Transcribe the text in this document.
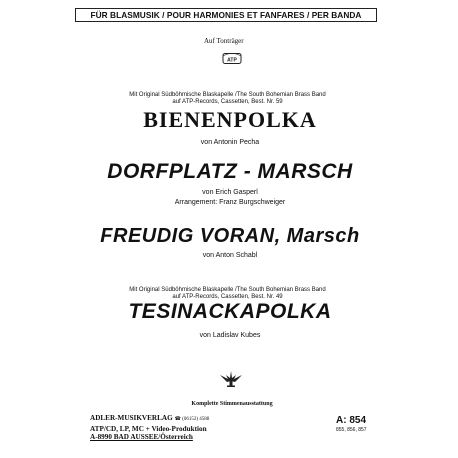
FÜR BLASMUSIK / POUR HARMONIES ET FANFARES / PER BANDA
Auf Tonträger
ATP
Mit Original Südböhmische Blaskapelle /The South Bohemian Brass Band
auf ATP-Records, Cassetten, Best. Nr. 59
BIENENPOLKA
von Antonin Pecha
DORFPLATZ - MARSCH
von Erich Gasperl
Arrangement: Franz Burgschweiger
FREUDIG VORAN, Marsch
von Anton Schabl
Mit Original Südböhmische Blaskapelle /The South Bohemian Brass Band
auf ATP-Records, Cassetten, Best. Nr. 49
TESINACKAPOLKA
von Ladislav Kubes
Komplette Stimmenausstattung
ADLER-MUSIKVERLAG ☎ (06152) 4588
ATP/CD, LP, MC + Video-Produktion
A-8990 BAD AUSSEE/Österreich
A: 854
855, 856, 857
